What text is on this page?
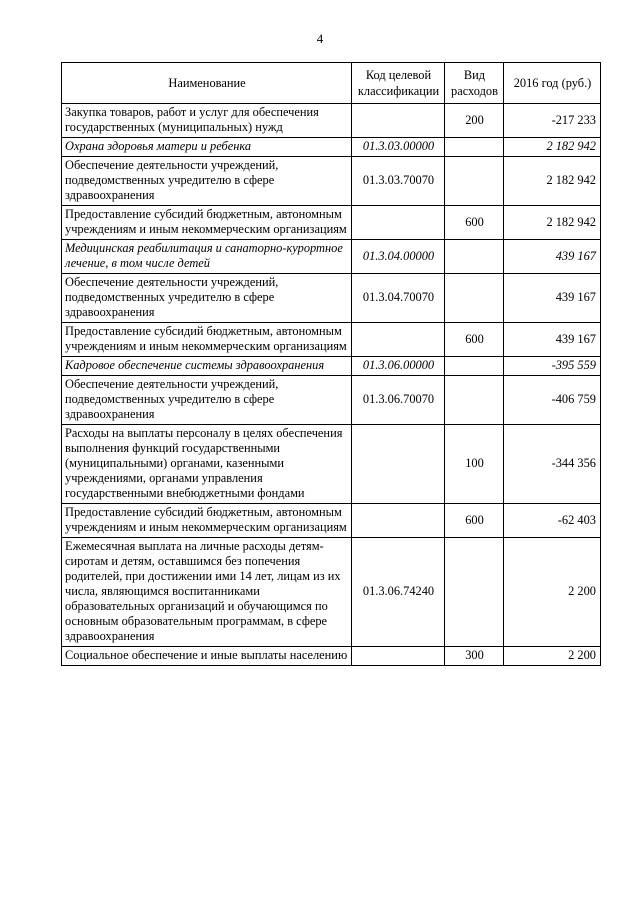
4
Наименование	Код целевой классификации	Вид расходов	2016 год (руб.)
Закупка товаров, работ и услуг для обеспечения государственных (муниципальных) нужд		200	-217 233
Охрана здоровья матери и ребенка	01.3.03.00000		2 182 942
Обеспечение деятельности учреждений, подведомственных учредителю в сфере здравоохранения	01.3.03.70070		2 182 942
Предоставление субсидий бюджетным, автономным учреждениям и иным некоммерческим организациям		600	2 182 942
Медицинская реабилитация и санаторно-курортное лечение, в том числе детей	01.3.04.00000		439 167
Обеспечение деятельности учреждений, подведомственных учредителю в сфере здравоохранения	01.3.04.70070		439 167
Предоставление субсидий бюджетным, автономным учреждениям и иным некоммерческим организациям		600	439 167
Кадровое обеспечение системы здравоохранения	01.3.06.00000		-395 559
Обеспечение деятельности учреждений, подведомственных учредителю в сфере здравоохранения	01.3.06.70070		-406 759
Расходы на выплаты персоналу в целях обеспечения выполнения функций государственными (муниципальными) органами, казенными учреждениями, органами управления государственными внебюджетными фондами		100	-344 356
Предоставление субсидий бюджетным, автономным учреждениям и иным некоммерческим организациям		600	-62 403
Ежемесячная выплата на личные расходы детям-сиротам и детям, оставшимся без попечения родителей, при достижении ими 14 лет, лицам из их числа, являющимся воспитанниками образовательных организаций и обучающимся по основным образовательным программам, в сфере здравоохранения	01.3.06.74240		2 200
Социальное обеспечение и иные выплаты населению		300	2 200
